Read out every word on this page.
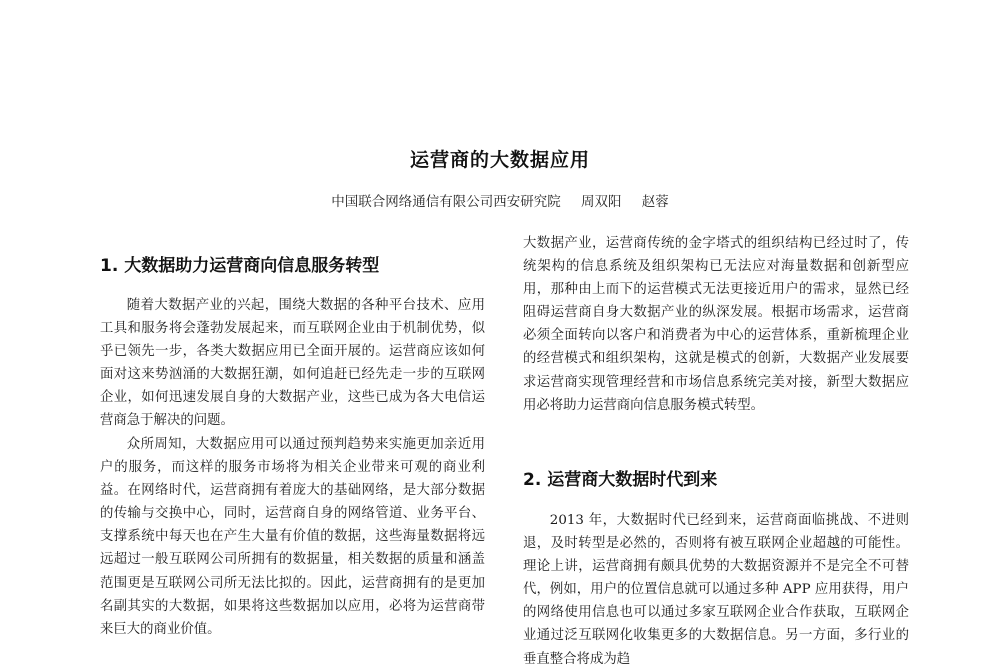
运营商的大数据应用
中国联合网络通信有限公司西安研究院 周双阳 赵蓉
1. 大数据助力运营商向信息服务转型

随着大数据产业的兴起，围绕大数据的各种平台技术、应用工具和服务将会蓬勃发展起来，而互联网企业由于机制优势，似乎已领先一步，各类大数据应用已全面开展的。运营商应该如何面对这来势汹涌的大数据狂潮，如何追赶已经先走一步的互联网企业，如何迅速发展自身的大数据产业，这些已成为各大电信运营商急于解决的问题。

众所周知，大数据应用可以通过预判趋势来实施更加亲近用户的服务，而这样的服务市场将为相关企业带来可观的商业利益。在网络时代，运营商拥有着庞大的基础网络，是大部分数据的传输与交换中心，同时，运营商自身的网络管道、业务平台、支撑系统中每天也在产生大量有价值的数据，这些海量数据将远远超过一般互联网公司所拥有的数据量，相关数据的质量和涵盖范围更是互联网公司所无法比拟的。因此，运营商拥有的是更加名副其实的大数据，如果将这些数据加以应用，必将为运营商带来巨大的商业价值。

大数据产业，运营商传统的金字塔式的组织结构已经过时了，传统架构的信息系统及组织架构已无法应对海量数据和创新型应用，那种由上而下的运营模式无法更接近用户的需求，显然已经阻碍运营商自身大数据产业的纵深发展。根据市场需求，运营商必须全面转向以客户和消费者为中心的运营体系，重新梳理企业的经营模式和组织架构，这就是模式的创新，大数据产业发展要求运营商实现管理经营和市场信息系统完美对接，新型大数据应用必将助力运营商向信息服务模式转型。

2. 运营商大数据时代到来

2013 年，大数据时代已经到来，运营商面临挑战、不进则退，及时转型是必然的，否则将有被互联网企业超越的可能性。理论上讲，运营商拥有颇具优势的大数据资源并不是完全不可替代，例如，用户的位置信息就可以通过多种 APP 应用获得，用户的网络使用信息也可以通过多家互联网企业合作获取，互联网企业通过泛互联网化收集更多的大数据信息。另一方面，多行业的垂直整合将成为趋
